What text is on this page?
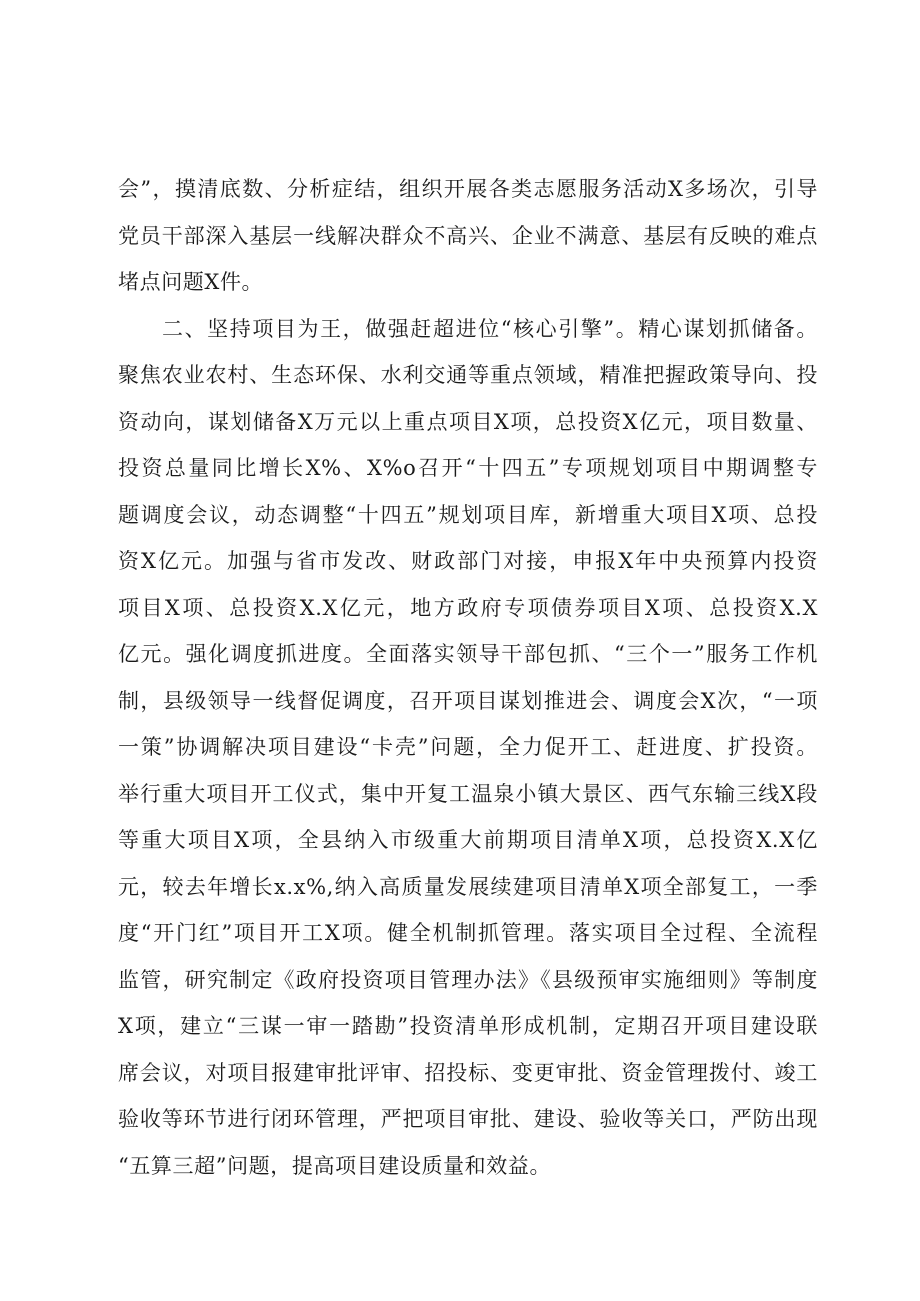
会”，摸清底数、分析症结，组织开展各类志愿服务活动X多场次，引导
党员干部深入基层一线解决群众不高兴、企业不满意、基层有反映的难点
堵点问题X件。
二、坚持项目为王，做强赶超进位“核心引擎”。精心谋划抓储备。
聚焦农业农村、生态环保、水利交通等重点领域，精准把握政策导向、投
资动向，谋划储备X万元以上重点项目X项，总投资X亿元，项目数量、
投资总量同比增长X%、X%o召开“十四五”专项规划项目中期调整专
题调度会议，动态调整“十四五”规划项目库，新增重大项目X项、总投
资X亿元。加强与省市发改、财政部门对接，申报X年中央预算内投资
项目X项、总投资X.X亿元，地方政府专项债券项目X项、总投资X.X
亿元。强化调度抓进度。全面落实领导干部包抓、“三个一”服务工作机
制，县级领导一线督促调度，召开项目谋划推进会、调度会X次，“一项
一策”协调解决项目建设“卡壳”问题，全力促开工、赶进度、扩投资。
举行重大项目开工仪式，集中开复工温泉小镇大景区、西气东输三线X段
等重大项目X项，全县纳入市级重大前期项目清单X项，总投资X.X亿
元，较去年增长x.x%,纳入高质量发展续建项目清单X项全部复工，一季
度“开门红”项目开工X项。健全机制抓管理。落实项目全过程、全流程
监管，研究制定《政府投资项目管理办法》《县级预审实施细则》等制度
X项，建立“三谋一审一踏勘”投资清单形成机制，定期召开项目建设联
席会议，对项目报建审批评审、招投标、变更审批、资金管理拨付、竣工
验收等环节进行闭环管理，严把项目审批、建设、验收等关口，严防出现
“五算三超”问题，提高项目建设质量和效益。
